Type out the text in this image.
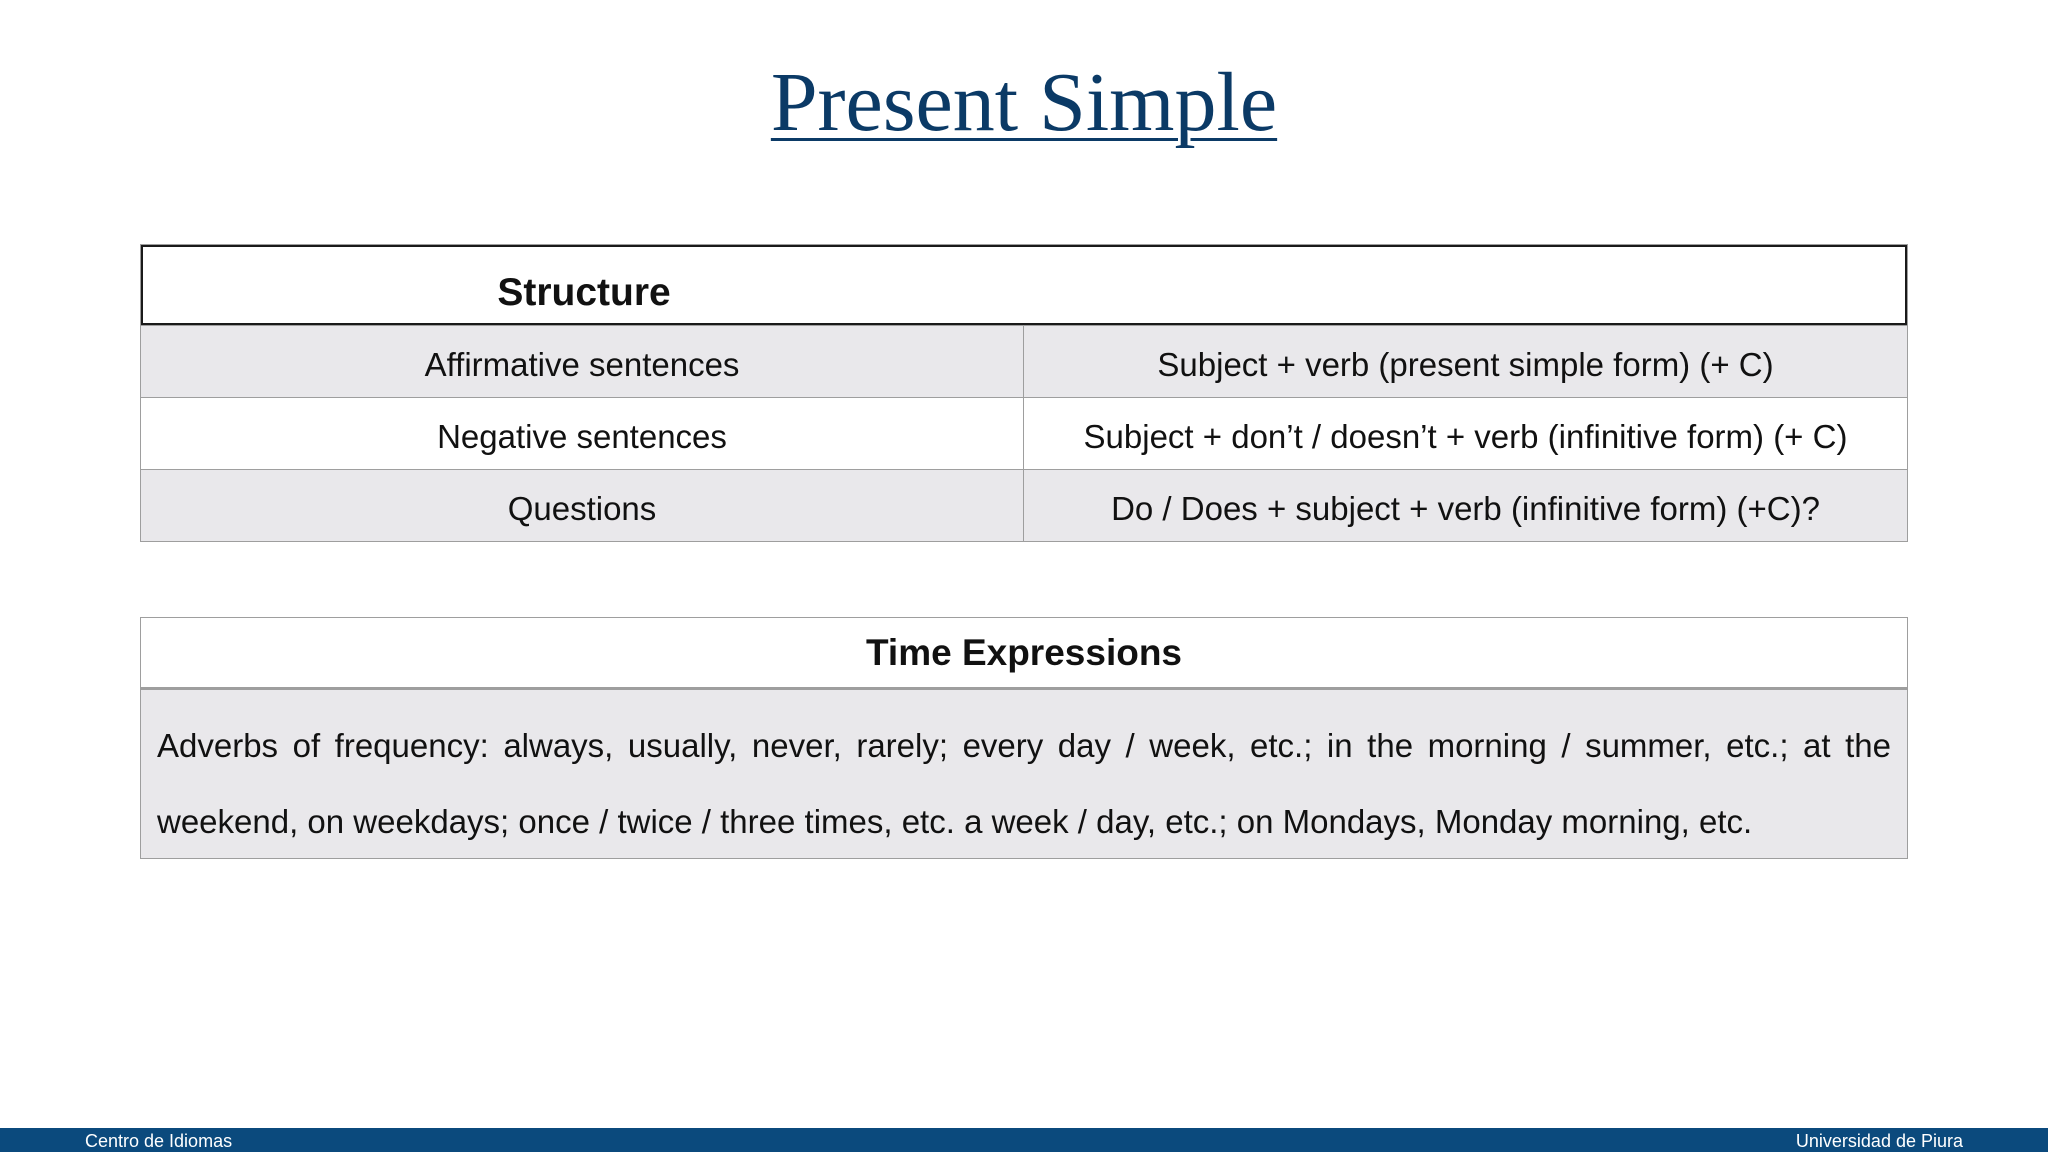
Present Simple
Structure
Affirmative sentences	Subject + verb (present simple form) (+ C)
Negative sentences	Subject + don’t / doesn’t + verb (infinitive form) (+ C)
Questions	Do / Does + subject + verb (infinitive form) (+C)?
Time Expressions
Adverbs of frequency: always, usually, never, rarely; every day / week, etc.; in the morning / summer, etc.; at the weekend, on weekdays; once / twice / three times, etc. a week / day, etc.; on Mondays, Monday morning, etc.
Centro de Idiomas	Universidad de Piura
